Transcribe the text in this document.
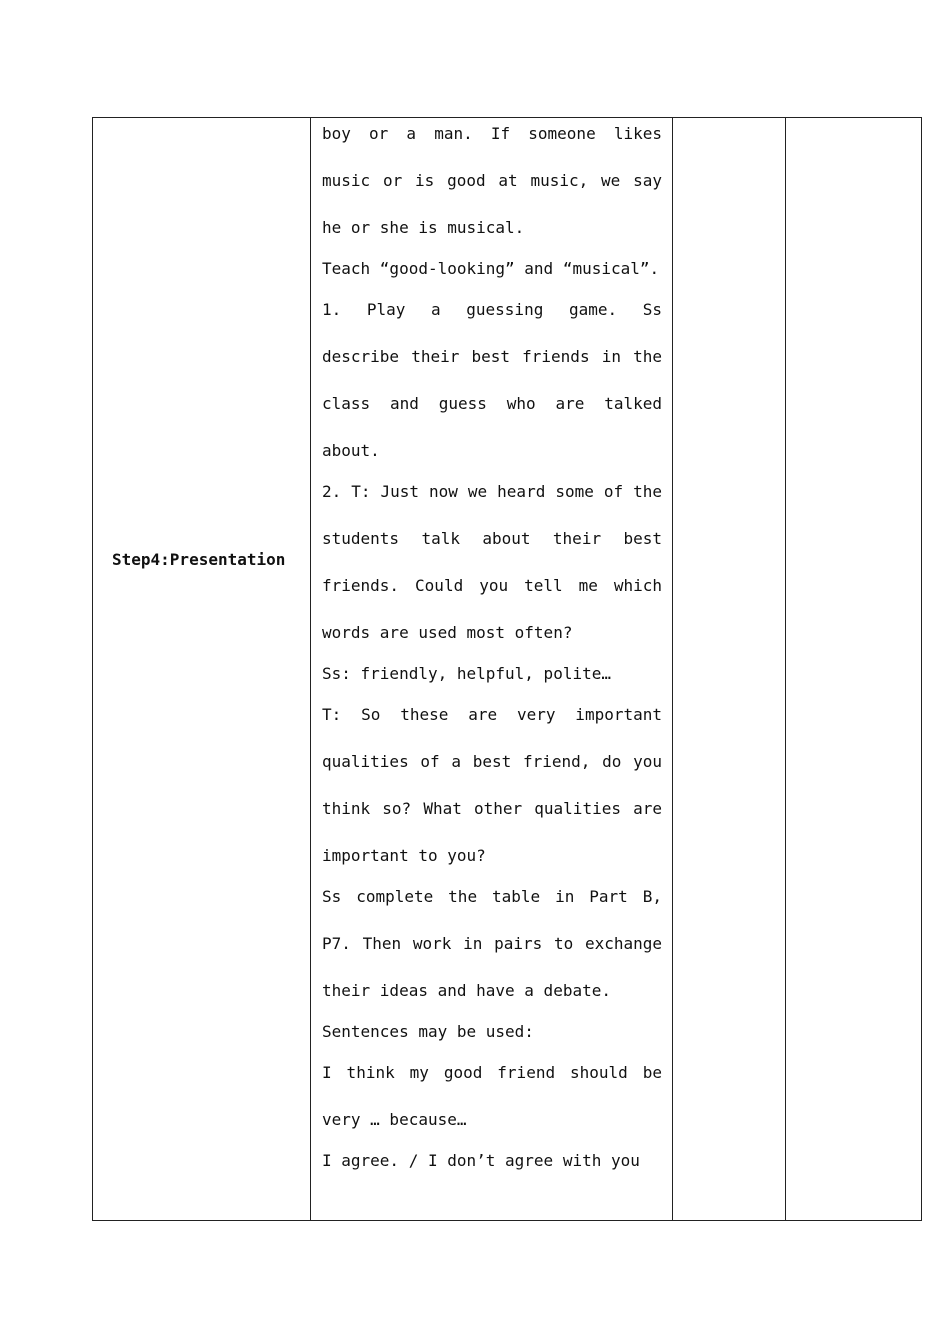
Step4:Presentation
boy or a man. If someone likes music or is good at music, we say he or she is musical.
Teach “good-looking” and “musical”.
1. Play a guessing game. Ss describe their best friends in the class and guess who are talked about.
2. T: Just now we heard some of the students talk about their best friends. Could you tell me which words are used most often?
Ss: friendly, helpful, polite…
T: So these are very important qualities of a best friend, do you think so? What other qualities are important to you?
Ss complete the table in Part B, P7. Then work in pairs to exchange their ideas and have a debate.
Sentences may be used:
I think my good friend should be very … because…
I agree. / I don’t agree with you
